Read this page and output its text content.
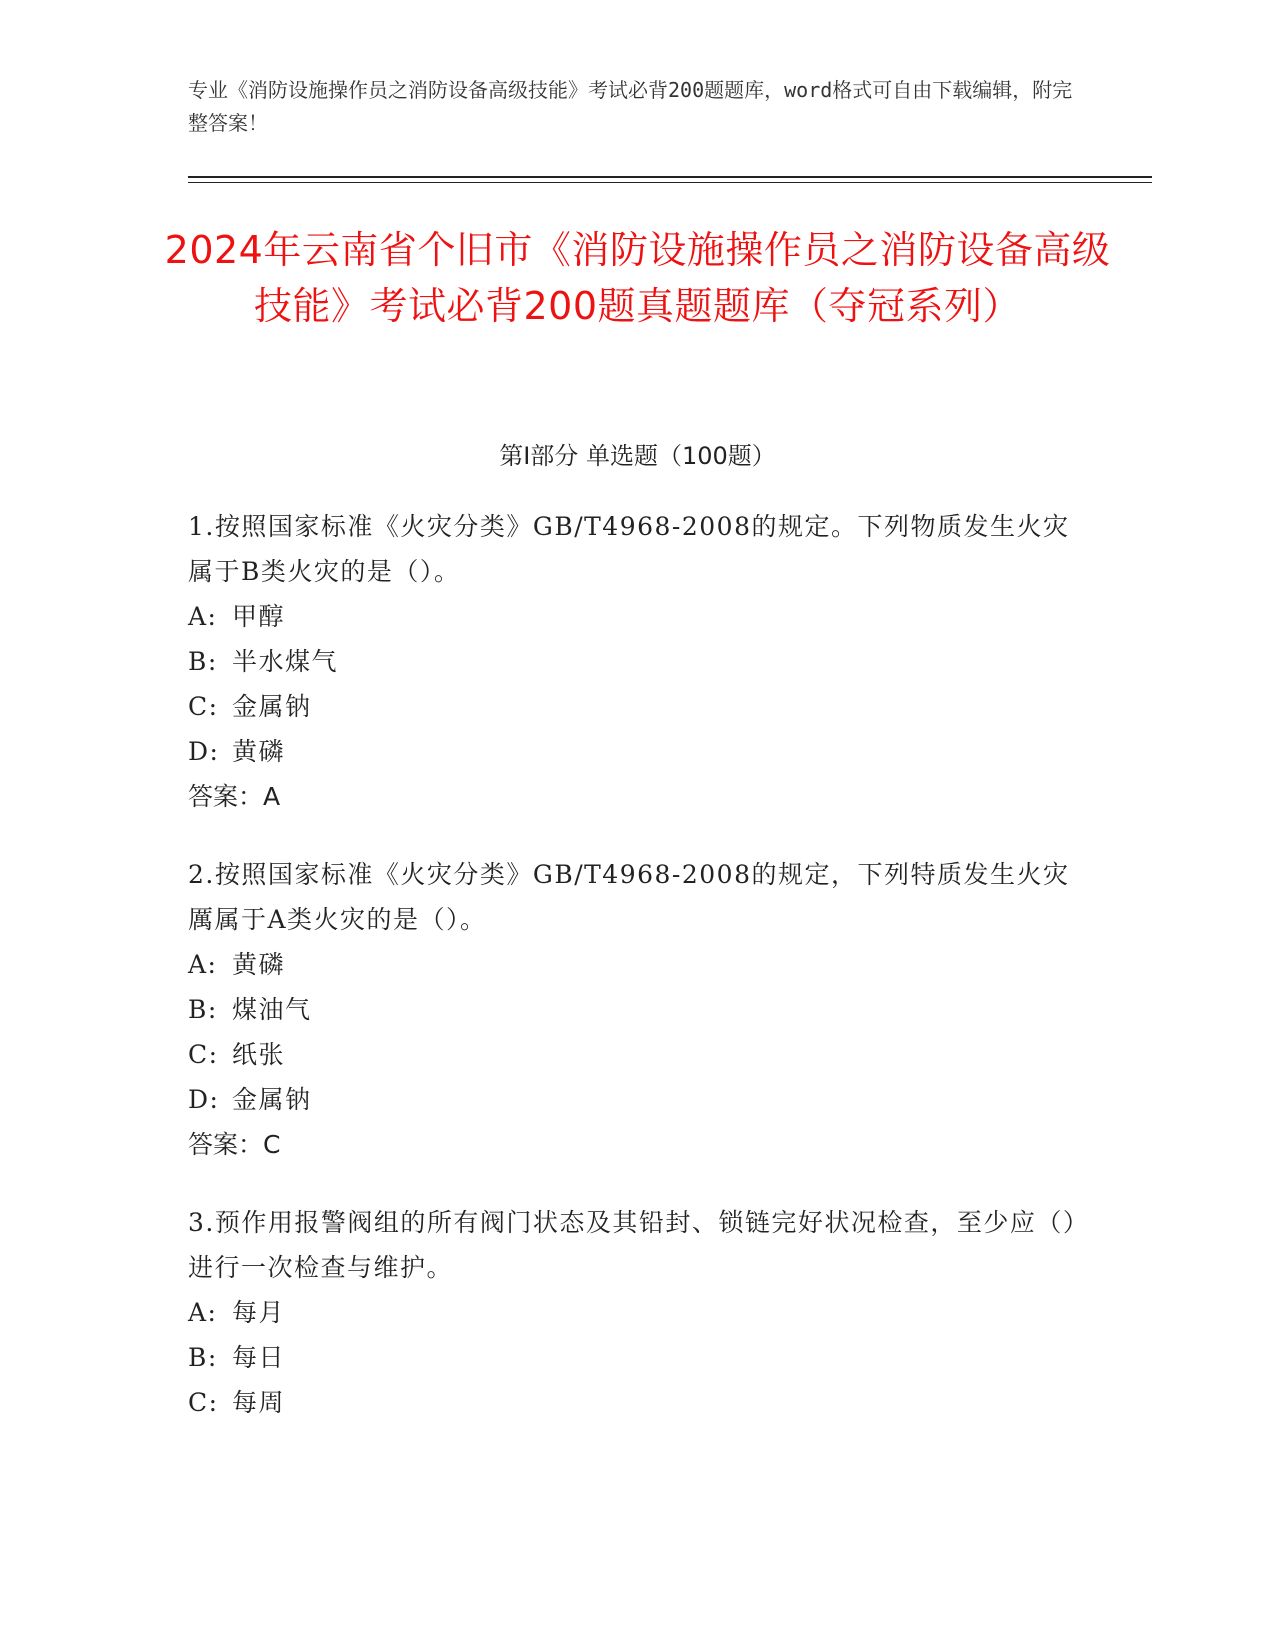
专业《消防设施操作员之消防设备高级技能》考试必背200题题库，word格式可自由下载编辑，附完整答案！
2024年云南省个旧市《消防设施操作员之消防设备高级技能》考试必背200题真题题库（夺冠系列）
第I部分 单选题（100题）

1.按照国家标准《火灾分类》GB/T4968-2008的规定。下列物质发生火灾属于B类火灾的是（）。

A: 甲醇
B: 半水煤气
C: 金属钠
D: 黄磷
答案：A

2.按照国家标准《火灾分类》GB/T4968-2008的规定，下列特质发生火灾厲属于A类火灾的是（）。

A: 黄磷
B: 煤油气
C: 纸张
D: 金属钠
答案：C

3.预作用报警阀组的所有阀门状态及其铅封、锁链完好状况检查，至少应（）进行一次检查与维护。

A: 每月
B: 每日
C: 每周
